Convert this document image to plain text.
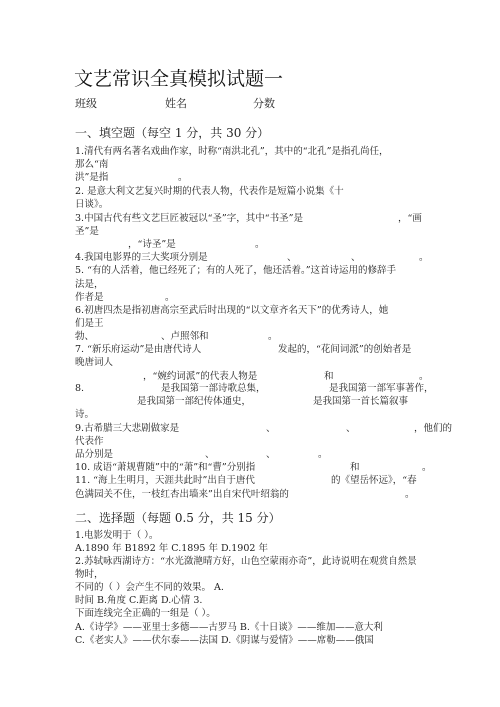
文艺常识全真模拟试题一
班级	姓名	分数
一、填空题（每空 1 分，共 30 分）
1.清代有两名著名戏曲作家，时称“南洪北孔”，其中的“北孔”是指孔尚任，
那么“南
洪”是指	。
2. 是意大利文艺复兴时期的代表人物，代表作是短篇小说集《十
日谈》。
3.中国古代有些文艺巨匠被冠以“圣”字，其中“书圣”是	，“画
圣”是
，“诗圣”是	。
4.我国电影界的三大奖项分别是	、	、	。
5. “有的人活着，他已经死了；有的人死了，他还活着。”这首诗运用的修辞手
法是，
作者是	。
6.初唐四杰是指初唐高宗至武后时出现的“以文章齐名天下”的优秀诗人，她
们是王
勃、	、卢照邻和	。
7. “新乐府运动”是由唐代诗人	发起的，“花间词派”的创始者是
晚唐词人
，“婉约词派”的代表人物是	和	。
8.	是我国第一部诗歌总集，	是我国第一部军事著作，
是我国第一部纪传体通史，	是我国第一首长篇叙事
诗。
9.古希腊三大悲剧做家是	、	、	，他们的
代表作
品分别是	、	、	。
10. 成语“萧规曹随”中的“萧”和“曹”分别指	和	。
11. “海上生明月，天涯共此时”出自于唐代	的《望岳怀远》，“春
色满园关不住，一枝红杏出墙来”出自宋代叶绍翁的	。
二、选择题（每题 0.5 分，共 15 分）
1.电影发明于（ ）。
A.1890 年 B1892 年 C.1895 年 D.1902 年
2.苏轼咏西湖诗方：“水光潋滟晴方好，山色空蒙雨亦奇”，此诗说明在观赏自然景
物时，
不同的（ ）会产生不同的效果。 A.
时间 B.角度 C.距离 D.心情 3.
下面连线完全正确的一组是（ ）。
A.《诗学》——亚里士多德——古罗马 B.《十日谈》——维加——意大利
C.《老实人》——伏尔泰——法国 D.《阴谋与爱情》——席勒——俄国
